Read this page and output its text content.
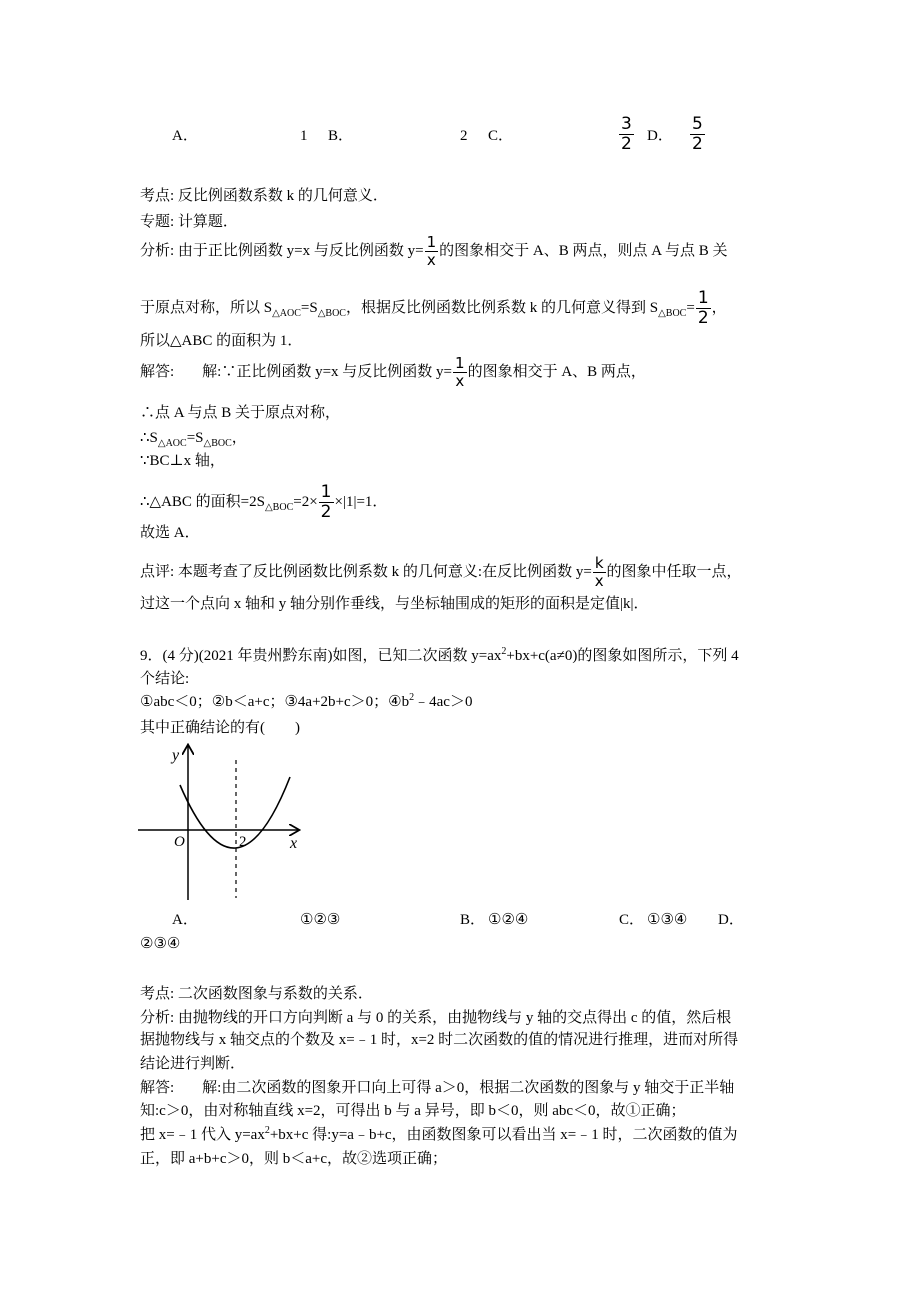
A．	1 B．	2 C．	$\frac{3}{2}$ D． $\frac{5}{2}$
考点: 反比例函数系数 k 的几何意义．
专题: 计算题．
分析: 由于正比例函数 y=x 与反比例函数 $y= \frac{1}{x}$ 的图象相交于 A、B 两点，则点 A 与点 B 关
于原点对称，所以 $S_{\triangle AOC}=S_{\triangle BOC}$，根据反比例函数比例系数 k 的几何意义得到 $S_{\triangle BOC}= \frac{1}{2}$ ，
所以△ABC 的面积为 1．
解答: 解:∵正比例函数 y=x 与反比例函数 $y= \frac{1}{x}$ 的图象相交于 A、B 两点，
∴点 A 与点 B 关于原点对称，
$\therefore S_{\triangle AOC}=S_{\triangle BOC}$，
∵BC⊥x 轴，
∴△ABC 的面积$=2S_{\triangle BOC}=2\times \frac{1}{2} \times|1|=1$．
故选 A．
点评: 本题考查了反比例函数比例系数 k 的几何意义:在反比例函数 $y= \frac{k}{x}$ 的图象中任取一点，
过这一个点向 x 轴和 y 轴分别作垂线，与坐标轴围成的矩形的面积是定值|k|．
9．(4 分)(2021 年贵州黔东南)如图，已知二次函数 $y=ax^2+bx+c(a\ne 0)$的图象如图所示，下列 4
个结论:
①abc＜0；②b＜a+c；③4a+2b+c＞0；$④b^2﹣4ac>0$
其中正确结论的有(　　)
y
x
O	2
A．	①②③	B． ①②④	C． ①③④ D．
②③④
考点: 二次函数图象与系数的关系．
分析: 由抛物线的开口方向判断 a 与 0 的关系，由抛物线与 y 轴的交点得出 c 的值，然后根
据抛物线与 x 轴交点的个数及 x=﹣1 时，x=2 时二次函数的值的情况进行推理，进而对所得
结论进行判断．
解答: 解:由二次函数的图象开口向上可得 a＞0，根据二次函数的图象与 y 轴交于正半轴
知:c＞0，由对称轴直线 x=2，可得出 b 与 a 异号，即 b＜0，则 abc＜0，故①正确；
把 x=﹣1 代入 $y=ax^2+bx+c$ 得:y=a﹣b+c，由函数图象可以看出当 x=﹣1 时，二次函数的值为
正，即 a+b+c＞0，则 b＜a+c，故②选项正确；
